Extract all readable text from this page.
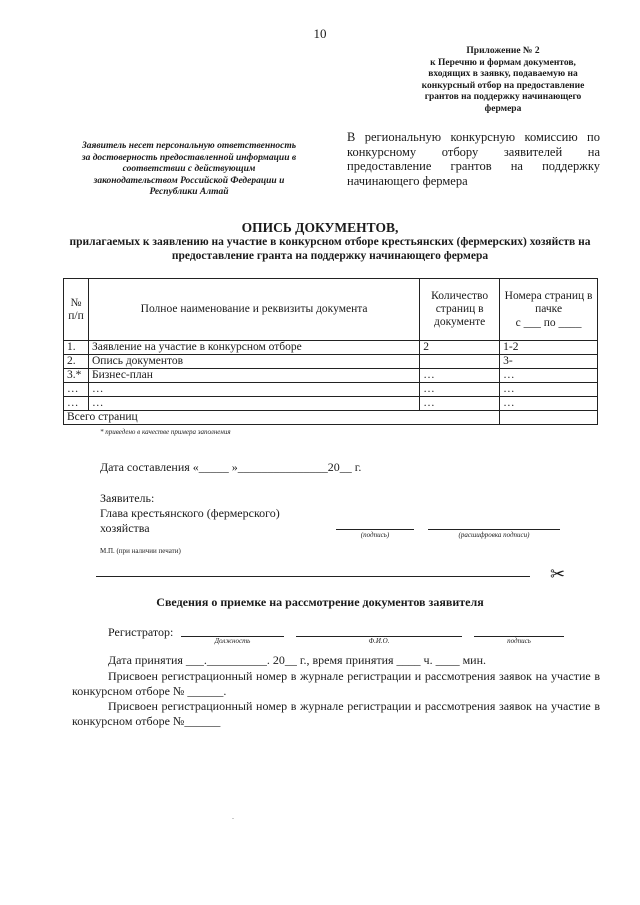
10
Приложение № 2
к Перечню и формам документов,
входящих в заявку, подаваемую на
конкурсный отбор на предоставление
грантов на поддержку начинающего
фермера
Заявитель несет персональную ответственность
за достоверность предоставленной информации в
соответствии с действующим
законодательством Российской Федерации и
Республики Алтай
В региональную конкурсную комиссию по конкурсному отбору заявителей на предоставление грантов на поддержку начинающего фермера
ОПИСЬ ДОКУМЕНТОВ,
прилагаемых к заявлению на участие в конкурсном отборе крестьянских (фермерских) хозяйств на предоставление гранта на поддержку начинающего фермера
№ п/п	Полное наименование и реквизиты документа	Количество страниц в документе	Номера страниц в пачке
с ___ по ____

1.	Заявление на участие в конкурсном отборе	2	1-2
2.	Опись документов		3-
3.*	Бизнес-план	…	…
…	…	…	…
…	…	…	…
Всего страниц			
* приведено в качестве примера заполнения
Дата составления «_____ »_______________20__ г.
Заявитель:
Глава крестьянского (фермерского)
хозяйства	(подпись)	(расшифровка подписи)
М.П. (при наличии печати)
✂
Сведения о приемке на рассмотрение документов заявителя
Регистратор:
Должность	Ф.И.О.	подпись
Дата принятия ___.__________. 20__ г., время принятия ____ ч. ____ мин.
Присвоен регистрационный номер в журнале регистрации и рассмотрения заявок на участие в конкурсном отборе № ______.
Присвоен регистрационный номер в журнале регистрации и рассмотрения заявок на участие в конкурсном отборе №______
.
